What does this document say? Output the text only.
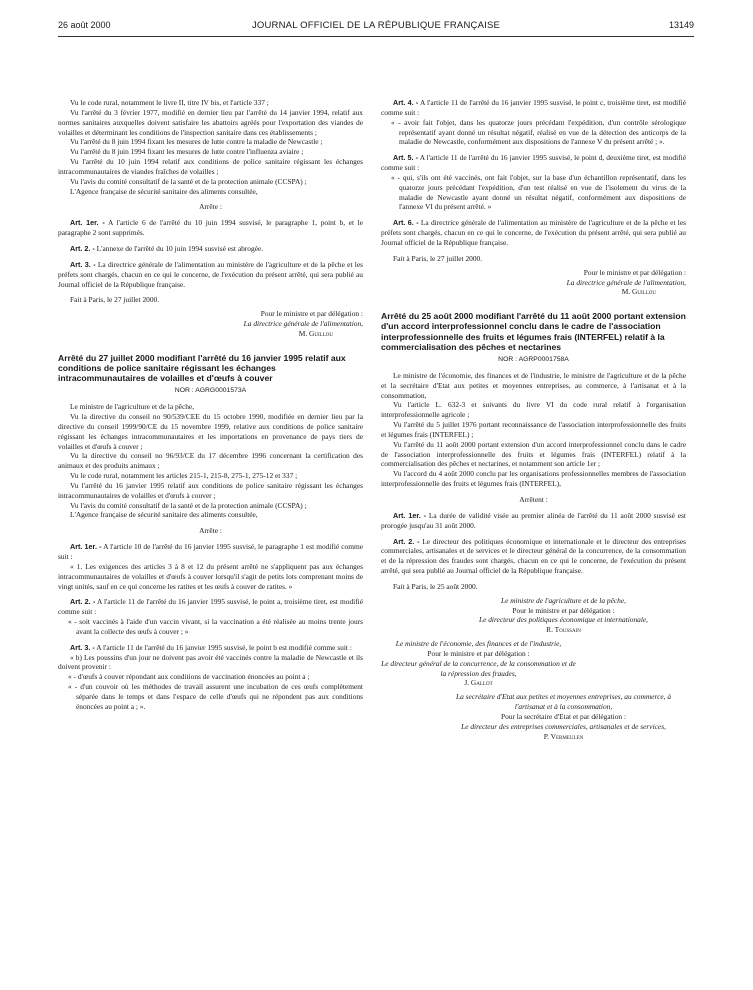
26 août 2000	JOURNAL OFFICIEL DE LA RÉPUBLIQUE FRANÇAISE	13149

Vu le code rural, notamment le livre II, titre IV bis, et l'article 337 ;

Vu l'arrêté du 3 février 1977, modifié en dernier lieu par l'arrêté du 14 janvier 1994, relatif aux normes sanitaires auxquelles doivent satisfaire les abattoirs agréés pour l'exportation des viandes de volailles et déterminant les conditions de l'inspection sanitaire dans ces établissements ;

Vu l'arrêté du 8 juin 1994 fixant les mesures de lutte contre la maladie de Newcastle ;

Vu l'arrêté du 8 juin 1994 fixant les mesures de lutte contre l'influenza aviaire ;

Vu l'arrêté du 10 juin 1994 relatif aux conditions de police sanitaire régissant les échanges intracommunautaires de viandes fraîches de volailles ;

Vu l'avis du comité consultatif de la santé et de la protection animale (CCSPA) ;

L'Agence française de sécurité sanitaire des aliments consultée,

Arrête :

Art. 1er. - A l'article 6 de l'arrêté du 10 juin 1994 susvisé, le paragraphe 1, point b, et le paragraphe 2 sont supprimés.

Art. 2. - L'annexe de l'arrêté du 10 juin 1994 susvisé est abrogée.

Art. 3. - La directrice générale de l'alimentation au ministère de l'agriculture et de la pêche et les préfets sont chargés, chacun en ce qui le concerne, de l'exécution du présent arrêté, qui sera publié au Journal officiel de la République française.

Fait à Paris, le 27 juillet 2000.

Pour le ministre et par délégation :

La directrice générale de l'alimentation,

M. Guillou

Arrêté du 27 juillet 2000 modifiant l'arrêté du 16 janvier 1995 relatif aux conditions de police sanitaire régissant les échanges intracommunautaires de volailles et d'œufs à couver

NOR : AGRG0001573A

Le ministre de l'agriculture et de la pêche,

Vu la directive du conseil no 90/539/CEE du 15 octobre 1990, modifiée en dernier lieu par la directive du conseil 1999/90/CE du 15 novembre 1999, relative aux conditions de police sanitaire régissant les échanges intracommunautaires et les importations en provenance de pays tiers de volailles et d'œufs à couver ;

Vu la directive du conseil no 96/93/CE du 17 décembre 1996 concernant la certification des animaux et des produits animaux ;

Vu le code rural, notamment les articles 215-1, 215-8, 275-1, 275-12 et 337 ;

Vu l'arrêté du 16 janvier 1995 relatif aux conditions de police sanitaire régissant les échanges intracommunautaires de volailles et d'œufs à couver ;

Vu l'avis du comité consultatif de la santé et de la protection animale (CCSPA) ;

L'Agence française de sécurité sanitaire des aliments consultée,

Arrête :

Art. 1er. - A l'article 10 de l'arrêté du 16 janvier 1995 susvisé, le paragraphe 1 est modifié comme suit :

« 1. Les exigences des articles 3 à 8 et 12 du présent arrêté ne s'appliquent pas aux échanges intracommunautaires de volailles et d'œufs à couver lorsqu'il s'agit de petits lots comprenant moins de vingt unités, sauf en ce qui concerne les ratites et les œufs à couver de ratites. »

Art. 2. - A l'article 11 de l'arrêté du 16 janvier 1995 susvisé, le point a, troisième tiret, est modifié comme suit :

« - soit vaccinés à l'aide d'un vaccin vivant, si la vaccination a été réalisée au moins trente jours avant la collecte des œufs à couver ; »

Art. 3. - A l'article 11 de l'arrêté du 16 janvier 1995 susvisé, le point b est modifié comme suit :

« b) Les poussins d'un jour ne doivent pas avoir été vaccinés contre la maladie de Newcastle et ils doivent provenir :

« - d'œufs à couver répondant aux conditions de vaccination énoncées au point a ;

« - d'un couvoir où les méthodes de travail assurent une incubation de ces œufs complètement séparée dans le temps et dans l'espace de celle d'œufs qui ne répondent pas aux conditions énoncées au point a ; ».

Art. 4. - A l'article 11 de l'arrêté du 16 janvier 1995 susvisé, le point c, troisième tiret, est modifié comme suit :

« - avoir fait l'objet, dans les quatorze jours précédant l'expédition, d'un contrôle sérologique représentatif ayant donné un résultat négatif, réalisé en vue de la détection des anticorps de la maladie de Newcastle, conformément aux dispositions de l'annexe V du présent arrêté ; ».

Art. 5. - A l'article 11 de l'arrêté du 16 janvier 1995 susvisé, le point d, deuxième tiret, est modifié comme suit :

« - qui, s'ils ont été vaccinés, ont fait l'objet, sur la base d'un échantillon représentatif, dans les quatorze jours précédant l'expédition, d'un test réalisé en vue de l'isolement du virus de la maladie de Newcastle ayant donné un résultat négatif, conformément aux dispositions de l'annexe VI du présent arrêté. »

Art. 6. - La directrice générale de l'alimentation au ministère de l'agriculture et de la pêche et les préfets sont chargés, chacun en ce qui le concerne, de l'exécution du présent arrêté, qui sera publié au Journal officiel de la République française.

Fait à Paris, le 27 juillet 2000.

Pour le ministre et par délégation :

La directrice générale de l'alimentation,

M. Guillou

Arrêté du 25 août 2000 modifiant l'arrêté du 11 août 2000 portant extension d'un accord interprofessionnel conclu dans le cadre de l'association interprofessionnelle des fruits et légumes frais (INTERFEL) relatif à la commercialisation des pêches et nectarines

NOR : AGRP0001758A

Le ministre de l'économie, des finances et de l'industrie, le ministre de l'agriculture et de la pêche et la secrétaire d'Etat aux petites et moyennes entreprises, au commerce, à l'artisanat et à la consommation,

Vu l'article L. 632-3 et suivants du livre VI du code rural relatif à l'organisation interprofessionnelle agricole ;

Vu l'arrêté du 5 juillet 1976 portant reconnaissance de l'association interprofessionnelle des fruits et légumes frais (INTERFEL) ;

Vu l'arrêté du 11 août 2000 portant extension d'un accord interprofessionnel conclu dans le cadre de l'association interprofessionnelle des fruits et légumes frais (INTERFEL) relatif à la commercialisation des pêches et nectarines, et notamment son article 1er ;

Vu l'accord du 4 août 2000 conclu par les organisations professionnelles membres de l'association interprofessionnelle des fruits et légumes frais (INTERFEL),

Arrêtent :

Art. 1er. - La durée de validité visée au premier alinéa de l'arrêté du 11 août 2000 susvisé est prorogée jusqu'au 31 août 2000.

Art. 2. - Le directeur des politiques économique et internationale et le directeur des entreprises commerciales, artisanales et de services et le directeur général de la concurrence, de la consommation et de la répression des fraudes sont chargés, chacun en ce qui le concerne, de l'exécution du présent arrêté, qui sera publié au Journal officiel de la République française.

Fait à Paris, le 25 août 2000.

Le ministre de l'agriculture et de la pêche,

Pour le ministre et par délégation :

Le directeur des politiques économique et internationale,

R. Toussain

Le ministre de l'économie, des finances et de l'industrie,

Pour le ministre et par délégation :

Le directeur général de la concurrence, de la consommation et de la répression des fraudes,

J. Gallot

La secrétaire d'Etat aux petites et moyennes entreprises, au commerce, à l'artisanat et à la consommation,

Pour la secrétaire d'Etat et par délégation :

Le directeur des entreprises commerciales, artisanales et de services,

P. Vermeulen
